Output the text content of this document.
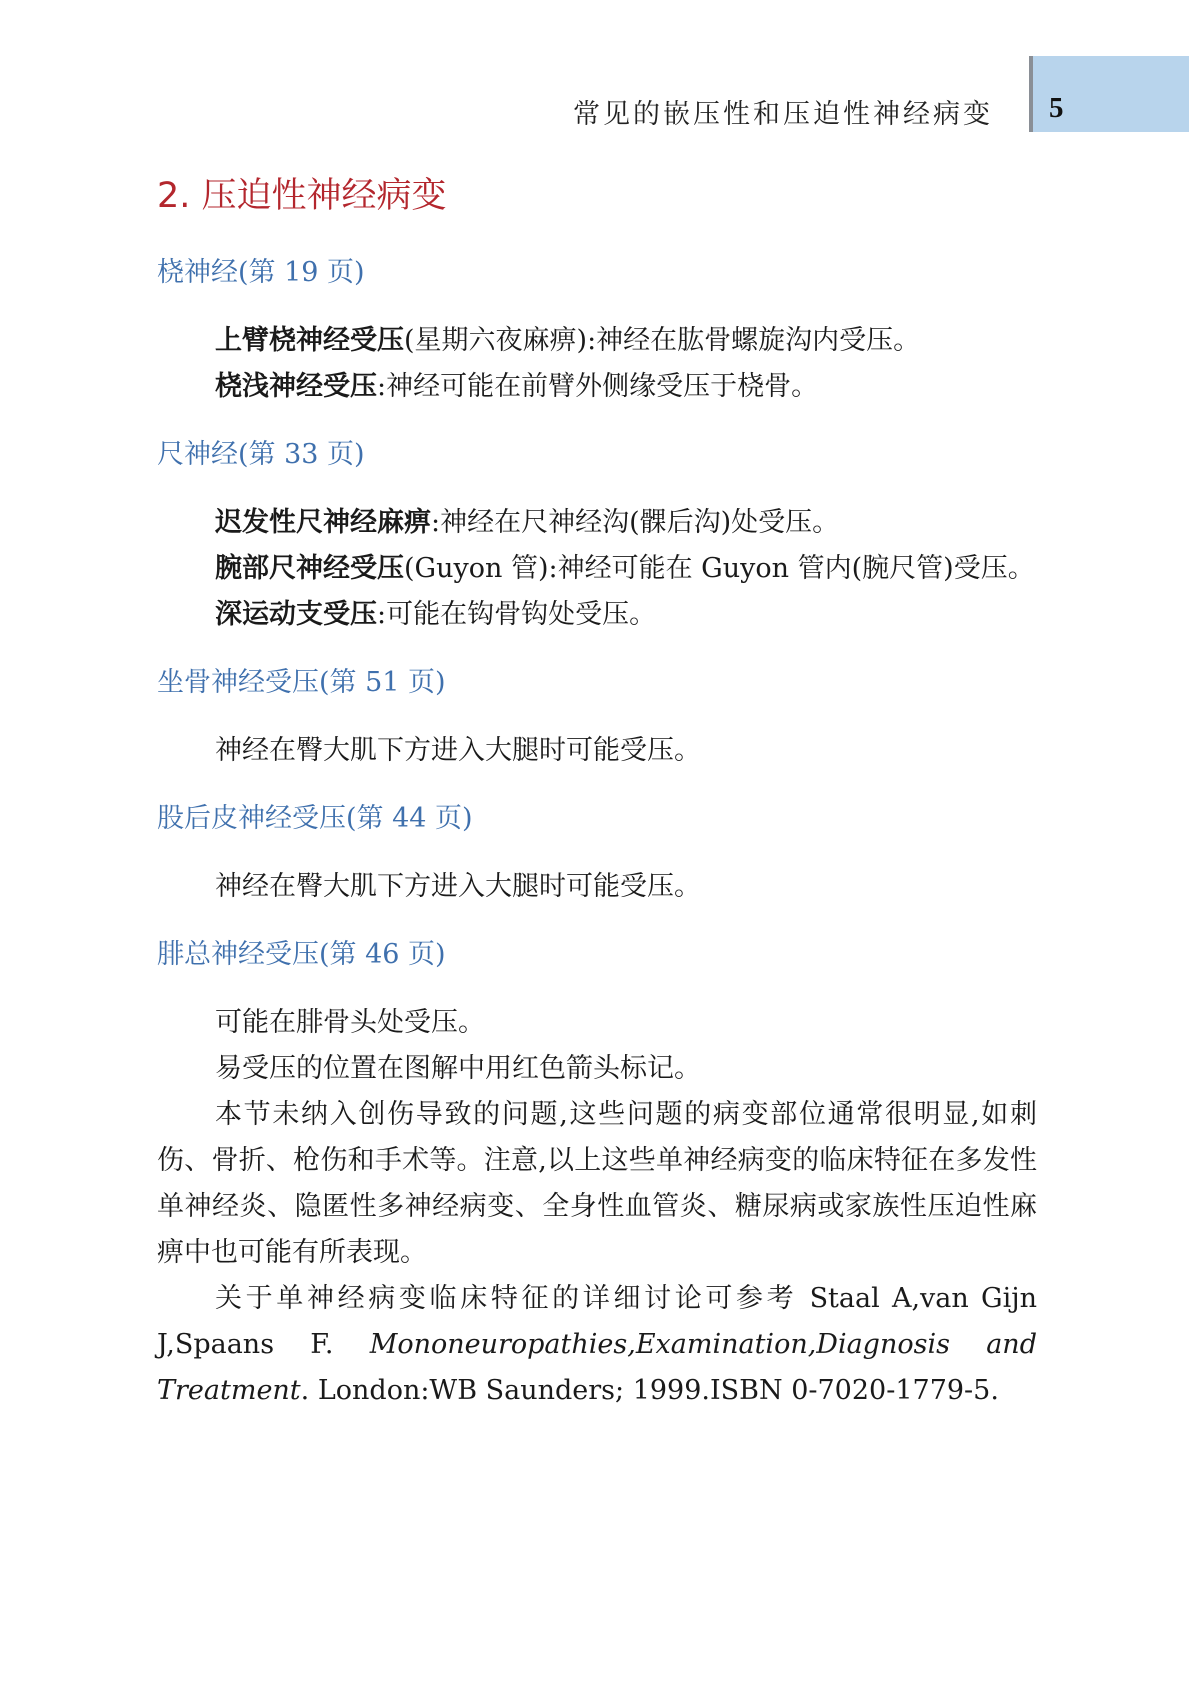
常见的嵌压性和压迫性神经病变 5
2. 压迫性神经病变

桡神经(第 19 页)

上臂桡神经受压(星期六夜麻痹):神经在肱骨螺旋沟内受压。

桡浅神经受压:神经可能在前臂外侧缘受压于桡骨。

尺神经(第 33 页)

迟发性尺神经麻痹:神经在尺神经沟(髁后沟)处受压。

腕部尺神经受压(Guyon 管):神经可能在 Guyon 管内(腕尺管)受压。

深运动支受压:可能在钩骨钩处受压。

坐骨神经受压(第 51 页)

神经在臀大肌下方进入大腿时可能受压。

股后皮神经受压(第 44 页)

神经在臀大肌下方进入大腿时可能受压。

腓总神经受压(第 46 页)

可能在腓骨头处受压。

易受压的位置在图解中用红色箭头标记。

本节未纳入创伤导致的问题,这些问题的病变部位通常很明显,如刺伤、骨折、枪伤和手术等。注意,以上这些单神经病变的临床特征在多发性单神经炎、隐匿性多神经病变、全身性血管炎、糖尿病或家族性压迫性麻痹中也可能有所表现。

关于单神经病变临床特征的详细讨论可参考 Staal A,van Gijn J,Spaans F. Mononeuropathies,Examination,Diagnosis and Treatment. London:WB Saunders; 1999.ISBN 0-7020-1779-5.
